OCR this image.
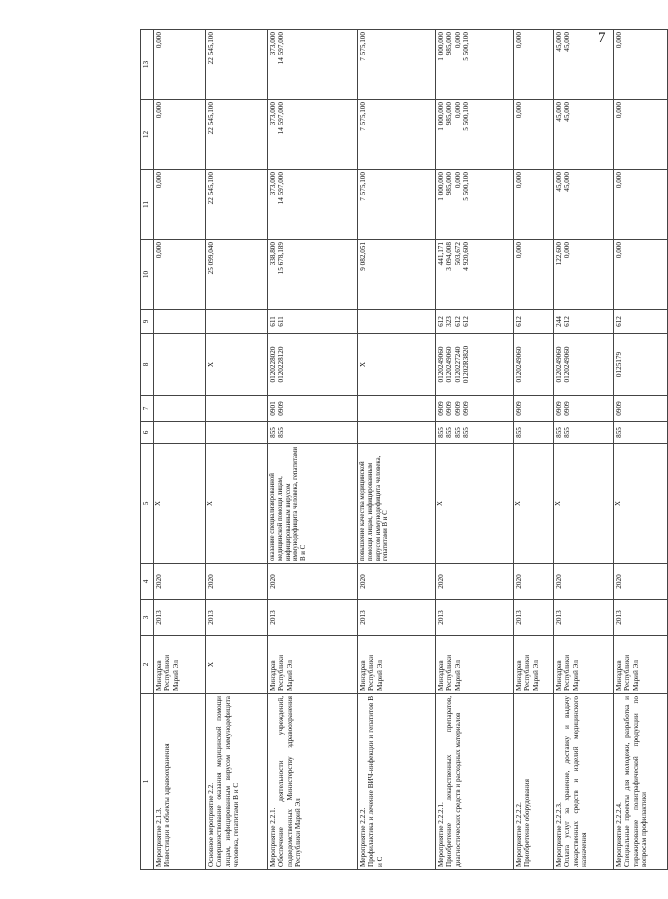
7
1	2	3	4	5	6	7	8	9	10	11	12	13

Мероприятие 2.1.3. Инвестиции в объекты здравоохранения	Минздрав Республики Марий Эл	2013	2020	X					0,000	0,000	0,000	0,000

Основное мероприятие 2.2. Совершенствование оказания медицинской помощи лицам, инфицированным вирусом иммунодефицита человека, гепатитами B и C	X	2013	2020	X			X		25 099,040	22 545,100	22 545,100	22 545,100

Мероприятие 2.2.1. Обеспечение деятельности учреждений, подведомственных Министерству здравоохранения Республики Марий Эл	Минздрав Республики Марий Эл	2013	2020	оказание специализированной медицинской помощи лицам, инфицированным вирусом иммунодефицита человека, гепатитами B и C	855 855	0901 0909	0120228020 0120228120	611 611	338,800 15 678,189	373,000 14 597,000	373,000 14 597,000	373,000 14 597,000

Мероприятие 2.2.2. Профилактика и лечение ВИЧ-инфекции и гепатитов B и C	Минздрав Республики Марий Эл	2013	2020	повышение качества медицинской помощи лицам, инфицированным вирусом иммунодефицита человека, гепатитами B и C			X		9 082,051	7 575,100	7 575,100	7 575,100

Мероприятие 2.2.2.1. Приобретение лекарственных препаратов, диагностических средств и расходных материалов	Минздрав Республики Марий Эл	2013	2020	X	855 855 855 855	0909 0909 0909 0909	0120249060 0120249060 0120227240 01202R3820	612 323 612 612	441,171 3 094,008 503,672 4 920,600	1 000,000 985,000 0,000 5 500,100	1 000,000 985,000 0,000 5 500,100	1 000,000 985,000 0,000 5 500,100

Мероприятие 2.2.2.2. Приобретение оборудования	Минздрав Республики Марий Эл	2013	2020	X	855	0909	0120249060	612	0,000	0,000	0,000	0,000

Мероприятие 2.2.2.3. Оплата услуг за хранение, доставку и выдачу лекарственных средств и изделий медицинского назначения	Минздрав Республики Марий Эл	2013	2020	X	855 855	0909 0909	0120249060 0120249060	244 612	122,600 0,000	45,000 45,000	45,000 45,000	45,000 45,000

Мероприятие 2.2.2.4. Специальные проекты для молодежи, разработка и тиражирование полиграфической продукции по вопросам профилактики	Минздрав Республики Марий Эл	2013	2020	X	855	0909	0125179	612	0,000	0,000	0,000	0,000
